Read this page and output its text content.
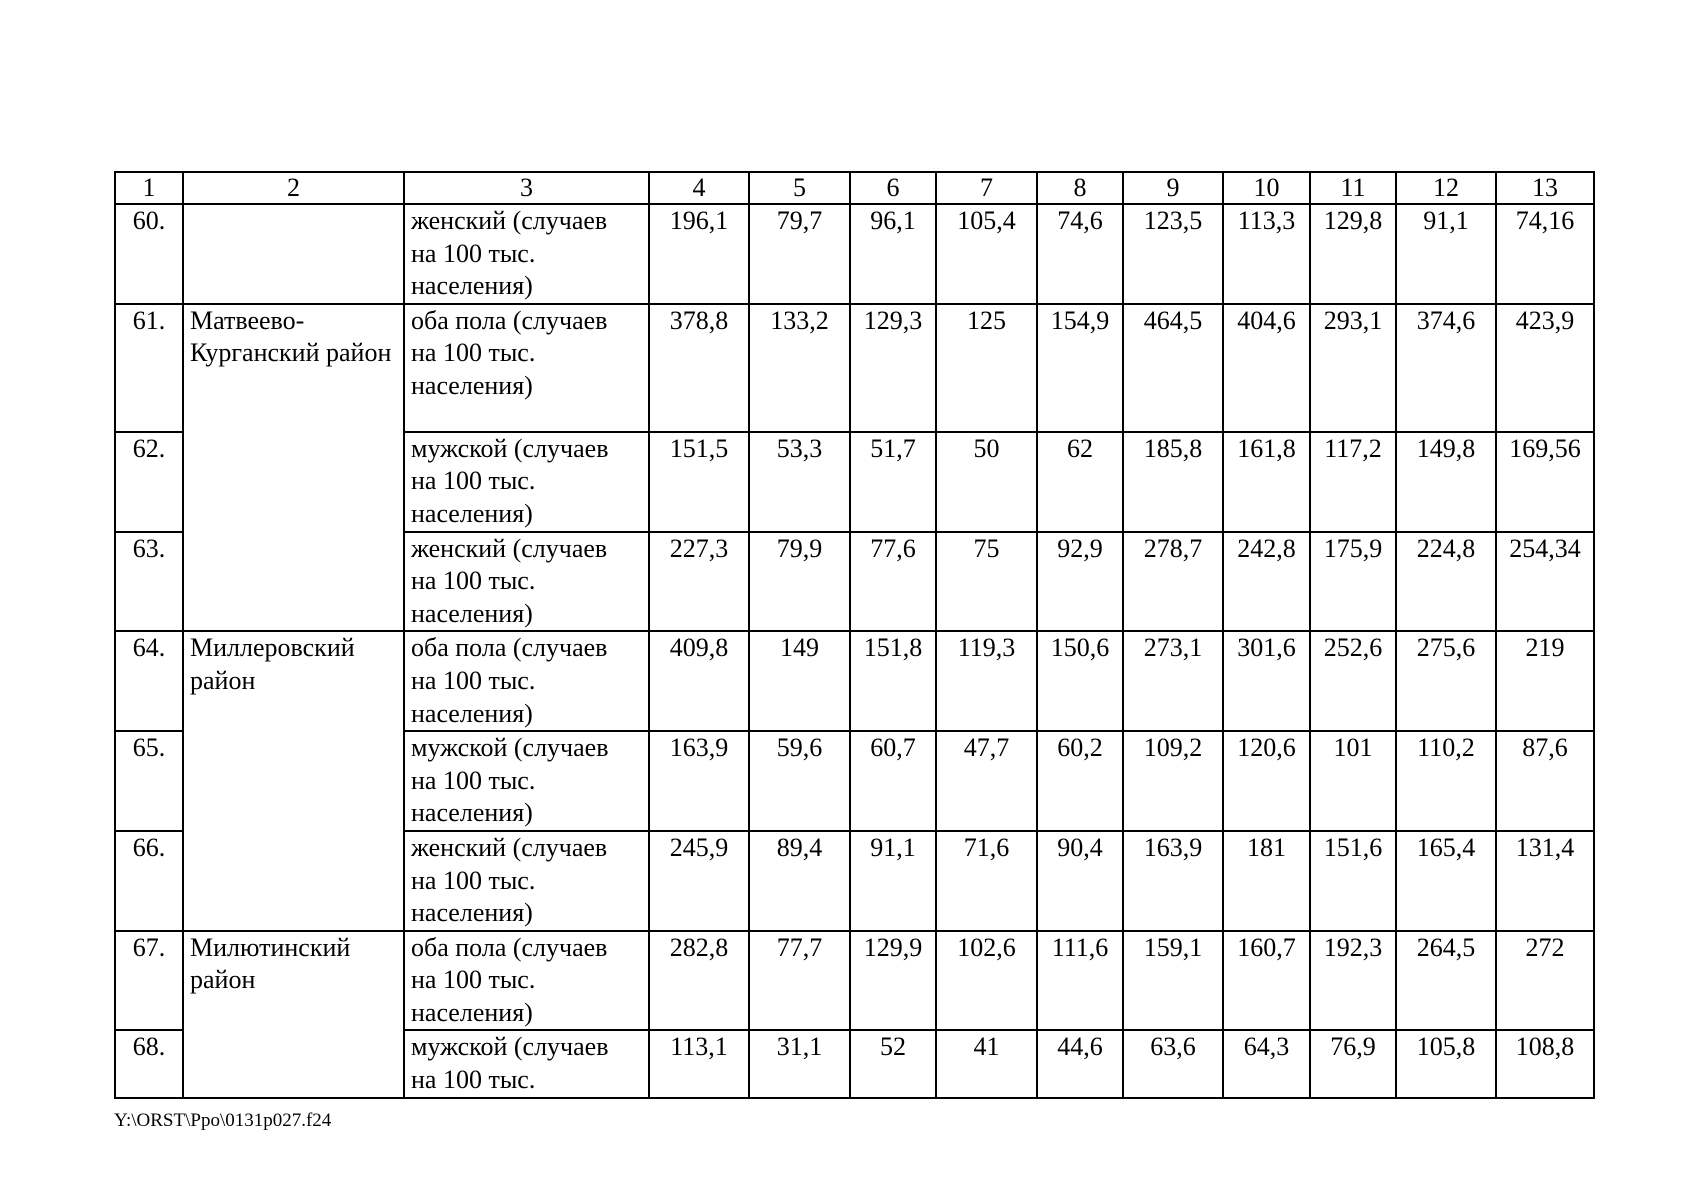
1	2	3	4	5	6	7	8	9	10	11	12	13
60.		женский (случаев
на 100 тыс.
населения)	196,1	79,7	96,1	105,4	74,6	123,5	113,3	129,8	91,1	74,16
61.	Матвеево-Курганский район	оба пола (случаев
на 100 тыс.
населения)	378,8	133,2	129,3	125	154,9	464,5	404,6	293,1	374,6	423,9
62.		мужской (случаев
на 100 тыс.
населения)	151,5	53,3	51,7	50	62	185,8	161,8	117,2	149,8	169,56
63.		женский (случаев
на 100 тыс.
населения)	227,3	79,9	77,6	75	92,9	278,7	242,8	175,9	224,8	254,34
64.	Миллеровский район	оба пола (случаев
на 100 тыс.
населения)	409,8	149	151,8	119,3	150,6	273,1	301,6	252,6	275,6	219
65.		мужской (случаев
на 100 тыс.
населения)	163,9	59,6	60,7	47,7	60,2	109,2	120,6	101	110,2	87,6
66.		женский (случаев
на 100 тыс.
населения)	245,9	89,4	91,1	71,6	90,4	163,9	181	151,6	165,4	131,4
67.	Милютинский район	оба пола (случаев
на 100 тыс.
населения)	282,8	77,7	129,9	102,6	111,6	159,1	160,7	192,3	264,5	272
68.		мужской (случаев
на 100 тыс.	113,1	31,1	52	41	44,6	63,6	64,3	76,9	105,8	108,8
Y:\ORST\Ppo\0131p027.f24
